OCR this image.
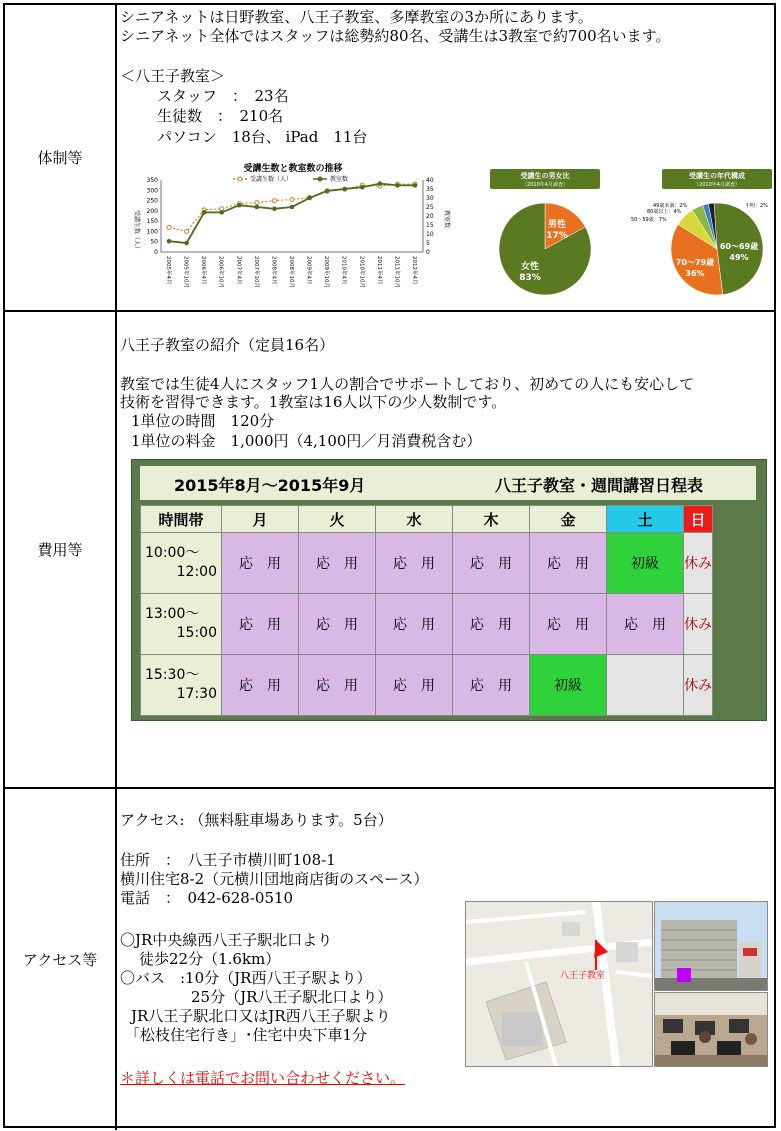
体制等
シニアネットは日野教室、八王子教室、多摩教室の3か所にあります。
シニアネット全体ではスタッフは総勢約80名、受講生は3教室で約700名います。
＜八王子教室＞
スタッフ　：　23名
生徒数　：　210名
パソコン　18台、 iPad　11台
受講生数と教室数の推移
受講生数（人）	教室数
0
50
100
150
200
250
300
350
0
5
10
15
20
25
30
35
40
受講生数（人）	教室数
2005年4月	2005年10月	2006年4月	2006年10月	2007年4月	2007年10月	2008年4月	2008年10月	2009年4月	2009年10月	2010年4月	2010年10月	2011年4月	2011年10月	2012年4月
受講生の男女比
（2010年4月調査）
男性
17%
女性
83%
受講生の年代構成
（2010年4月調査）
60～69歳
49%
70～79歳
36%
49歳未満：2%
80歳以上：4%
50～59歳：7%
不明：2%
費用等
八王子教室の紹介（定員16名）
教室では生徒4人にスタッフ1人の割合でサポートしており、初めての人にも安心して
技術を習得できます。1教室は16人以下の少人数制です。
1単位の時間　120分
1単位の料金　1,000円（4,100円／月消費税含む）
2015年8月～2015年9月	八王子教室・週間講習日程表
時間帯	月	火	水	木	金	土	日

10:00～
12:00	応　用	応　用	応　用	応　用	応　用	初級	休み

13:00～
15:00	応　用	応　用	応　用	応　用	応　用	応　用	休み

15:30～
17:30	応　用	応　用	応　用	応　用	初級		休み
アクセス等
アクセス: （無料駐車場あります。5台）
住所　：　八王子市横川町108-1
横川住宅8-2（元横川団地商店街のスペース）
電話　：　042-628-0510
〇JR中央線西八王子駅北口より
徒歩22分（1.6km）
〇バス　:10分（JR西八王子駅より）
25分（JR八王子駅北口より）
JR八王子駅北口又はJR西八王子駅より
「松枝住宅行き」･住宅中央下車1分
＊詳しくは電話でお問い合わせください。
八王子教室
